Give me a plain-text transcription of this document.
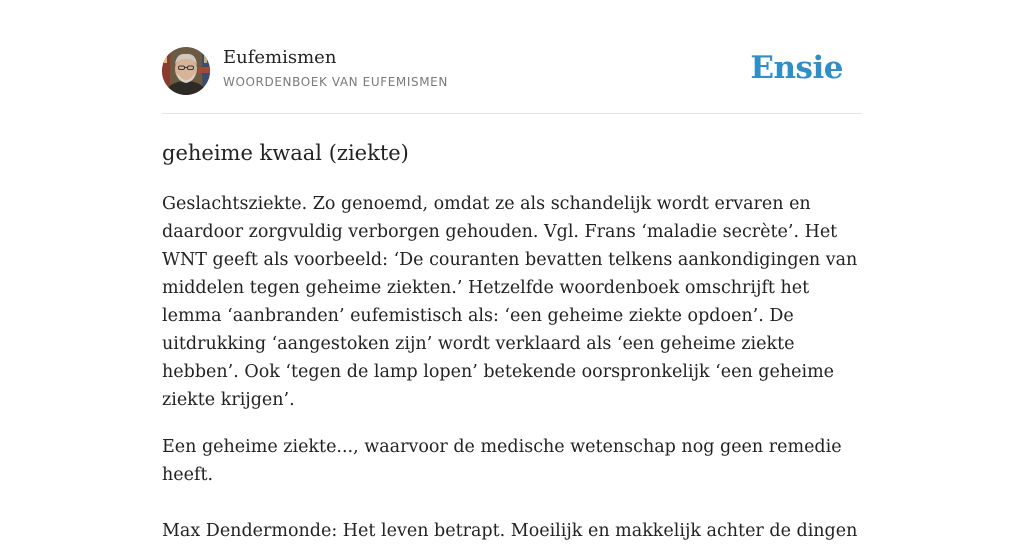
Eufemismen
WOORDENBOEK VAN EUFEMISMEN	Ensie
geheime kwaal (ziekte)

Geslachtsziekte. Zo genoemd, omdat ze als schandelijk wordt ervaren en daardoor zorgvuldig verborgen gehouden. Vgl. Frans ‘maladie secrète’. Het WNT geeft als voorbeeld: ‘De couranten bevatten telkens aankondigingen van middelen tegen geheime ziekten.’ Hetzelfde woordenboek omschrijft het lemma ‘aanbranden’ eufemistisch als: ‘een geheime ziekte opdoen’. De uitdrukking ‘aangestoken zijn’ wordt verklaard als ‘een geheime ziekte hebben’. Ook ‘tegen de lamp lopen’ betekende oorspronkelijk ‘een geheime ziekte krijgen’.

Een geheime ziekte..., waarvoor de medische wetenschap nog geen remedie heeft.

Max Dendermonde: Het leven betrapt. Moeilijk en makkelijk achter de dingen
